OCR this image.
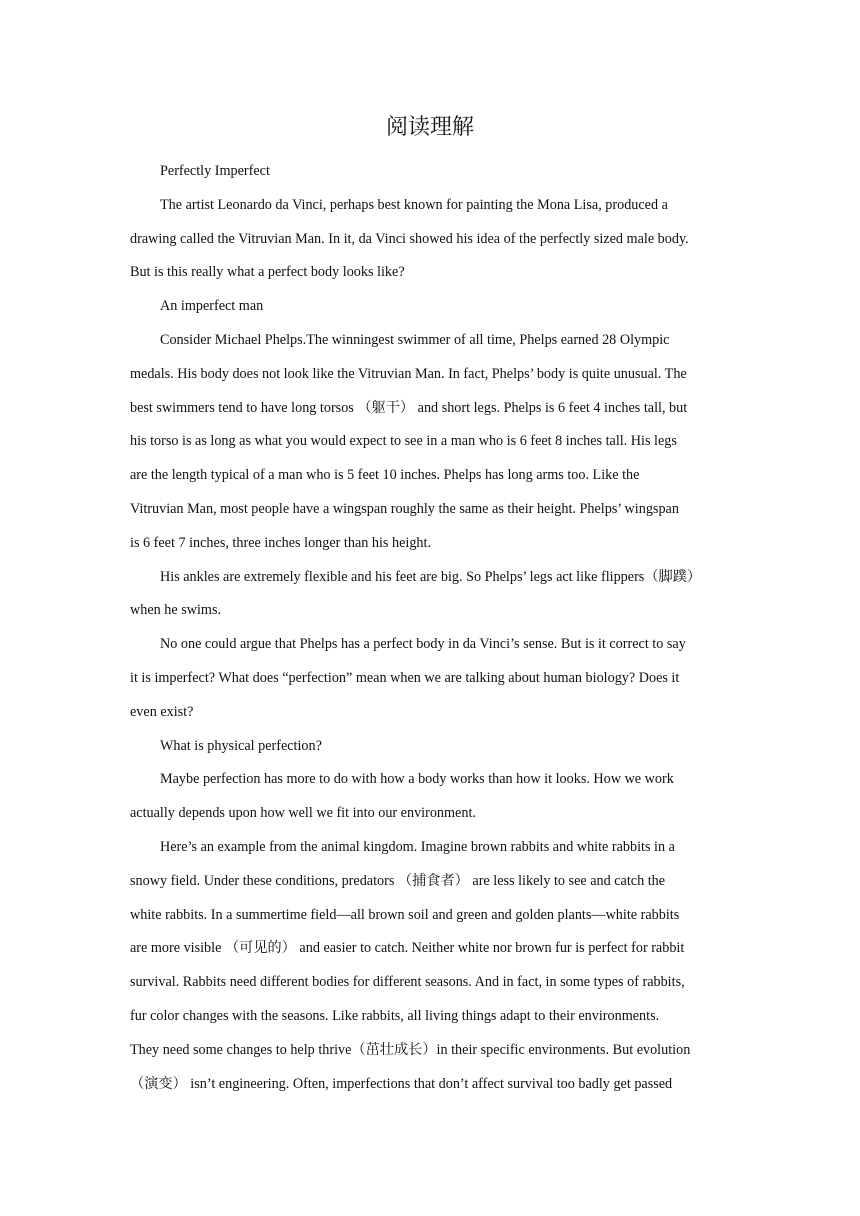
阅读理解

Perfectly Imperfect

The artist Leonardo da Vinci, perhaps best known for painting the Mona Lisa, produced a

drawing called the Vitruvian Man. In it, da Vinci showed his idea of the perfectly sized male body.

But is this really what a perfect body looks like?

An imperfect man

Consider Michael Phelps.The winningest swimmer of all time, Phelps earned 28 Olympic

medals. His body does not look like the Vitruvian Man. In fact, Phelps’ body is quite unusual. The

best swimmers tend to have long torsos （躯干） and short legs. Phelps is 6 feet 4 inches tall, but

his torso is as long as what you would expect to see in a man who is 6 feet 8 inches tall. His legs

are the length typical of a man who is 5 feet 10 inches. Phelps has long arms too. Like the

Vitruvian Man, most people have a wingspan roughly the same as their height. Phelps’ wingspan

is 6 feet 7 inches, three inches longer than his height.

His ankles are extremely flexible and his feet are big. So Phelps’ legs act like flippers（脚蹼）

when he swims.

No one could argue that Phelps has a perfect body in da Vinci’s sense. But is it correct to say

it is imperfect? What does “perfection” mean when we are talking about human biology? Does it

even exist?

What is physical perfection?

Maybe perfection has more to do with how a body works than how it looks. How we work

actually depends upon how well we fit into our environment.

Here’s an example from the animal kingdom. Imagine brown rabbits and white rabbits in a

snowy field. Under these conditions, predators （捕食者） are less likely to see and catch the

white rabbits. In a summertime field—all brown soil and green and golden plants—white rabbits

are more visible （可见的） and easier to catch. Neither white nor brown fur is perfect for rabbit

survival. Rabbits need different bodies for different seasons. And in fact, in some types of rabbits,

fur color changes with the seasons. Like rabbits, all living things adapt to their environments.

They need some changes to help thrive（茁壮成长）in their specific environments. But evolution

（演变） isn’t engineering. Often, imperfections that don’t affect survival too badly get passed
